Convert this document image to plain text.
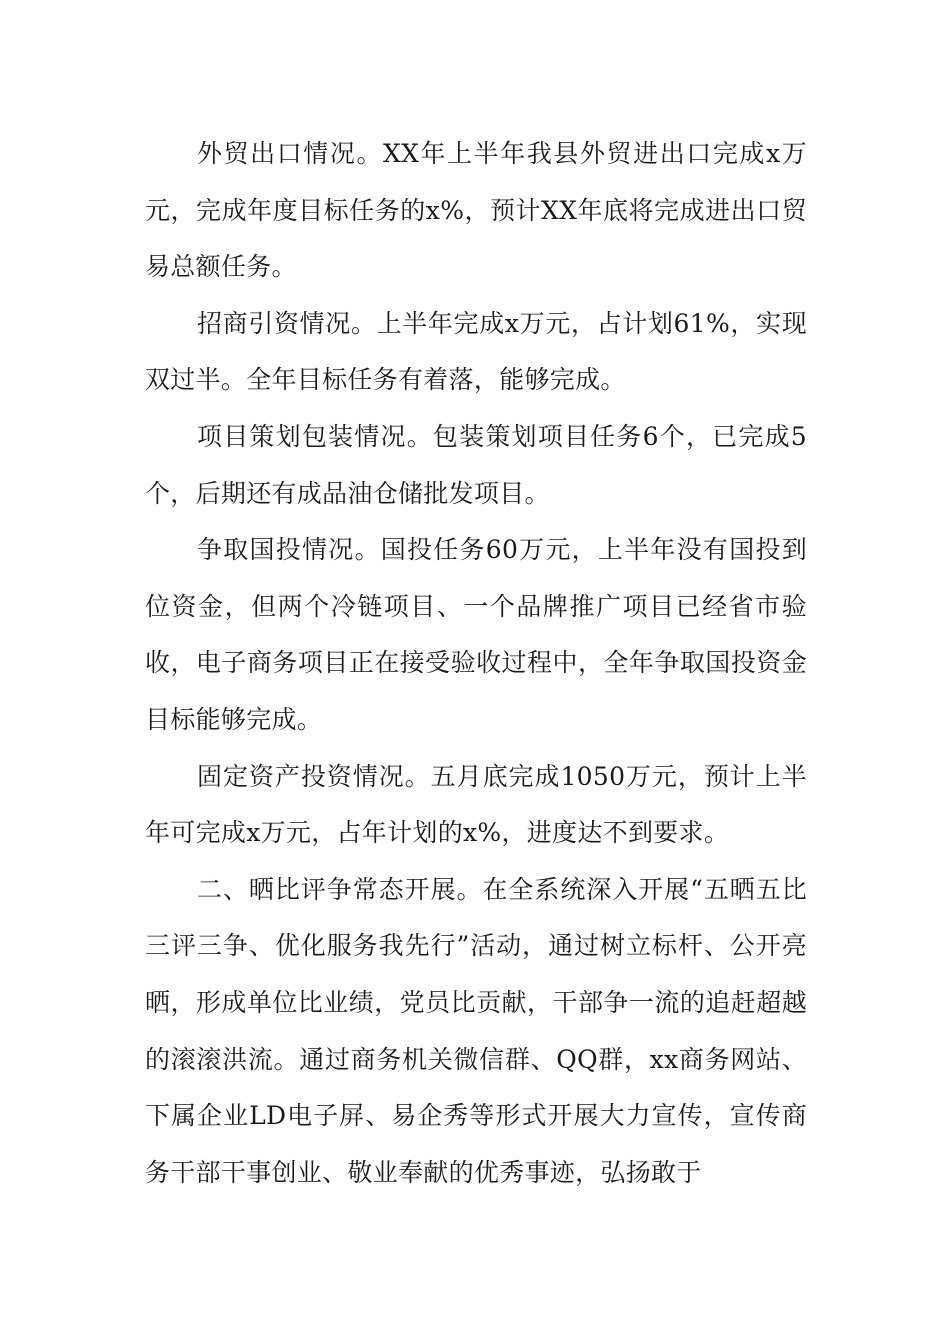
外贸出口情况。XX年上半年我县外贸进出口完成x万元，完成年度目标任务的x%，预计XX年底将完成进出口贸易总额任务。

招商引资情况。上半年完成x万元，占计划61%，实现双过半。全年目标任务有着落，能够完成。

项目策划包装情况。包装策划项目任务6个，已完成5个，后期还有成品油仓储批发项目。

争取国投情况。国投任务60万元，上半年没有国投到位资金，但两个冷链项目、一个品牌推广项目已经省市验收，电子商务项目正在接受验收过程中，全年争取国投资金目标能够完成。

固定资产投资情况。五月底完成1050万元，预计上半年可完成x万元，占年计划的x%，进度达不到要求。

二、晒比评争常态开展。在全系统深入开展“五晒五比三评三争、优化服务我先行”活动，通过树立标杆、公开亮晒，形成单位比业绩，党员比贡献，干部争一流的追赶超越的滚滚洪流。通过商务机关微信群、QQ群，xx商务网站、下属企业LD电子屏、易企秀等形式开展大力宣传，宣传商务干部干事创业、敬业奉献的优秀事迹，弘扬敢于
